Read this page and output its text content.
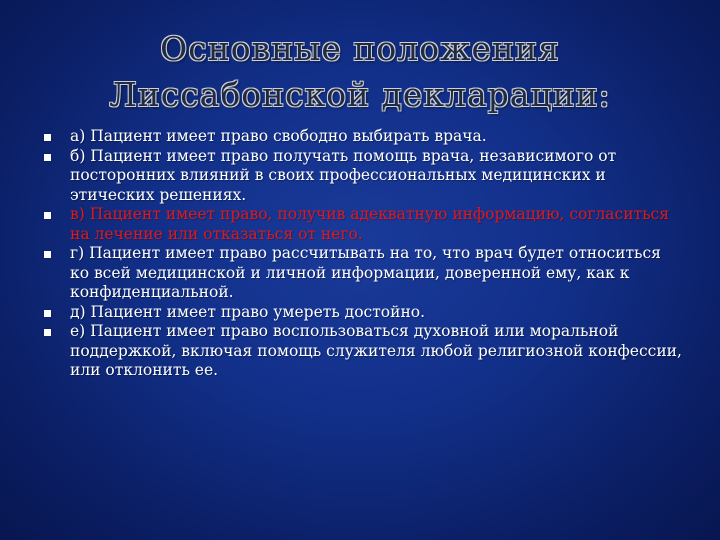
Основные положения
Лиссабонской декларации:
а) Пациент имеет право свободно выбирать врача.
б) Пациент имеет право получать помощь врача, независимого от посторонних влияний в своих профессиональных медицинских и этических решениях.
в) Пациент имеет право, получив адекватную информацию, согласиться на лечение или отказаться от него.
г) Пациент имеет право рассчитывать на то, что врач будет относиться ко всей медицинской и личной информации, доверенной ему, как к конфиденциальной.
д) Пациент имеет право умереть достойно.
е) Пациент имеет право воспользоваться духовной или моральной поддержкой, включая помощь служителя любой религиозной конфессии, или отклонить ее.
